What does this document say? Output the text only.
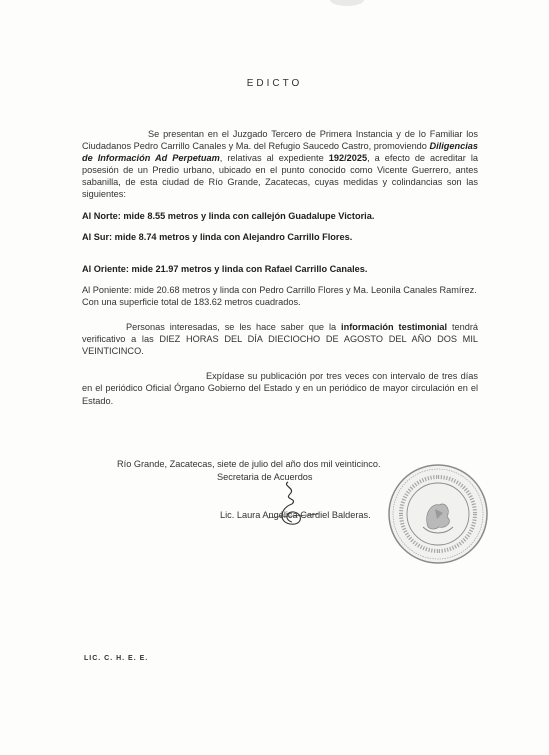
EDICTO

Se presentan en el Juzgado Tercero de Primera Instancia y de lo Familiar los Ciudadanos Pedro Carrillo Canales y Ma. del Refugio Saucedo Castro, promoviendo Diligencias de Información Ad Perpetuam, relativas al expediente 192/2025, a efecto de acreditar la posesión de un Predio urbano, ubicado en el punto conocido como Vicente Guerrero, antes sabanilla, de esta ciudad de Río Grande, Zacatecas, cuyas medidas y colindancias son las siguientes:

Al Norte: mide 8.55 metros y linda con callejón Guadalupe Victoria.

Al Sur: mide 8.74 metros y linda con Alejandro Carrillo Flores.

Al Oriente: mide 21.97 metros y linda con Rafael Carrillo Canales.

Al Poniente: mide 20.68 metros y linda con Pedro Carrillo Flores y Ma. Leonila Canales Ramírez.

Con una superficie total de 183.62 metros cuadrados.

Personas interesadas, se les hace saber que la información testimonial tendrá verificativo a las DIEZ HORAS DEL DÍA DIECIOCHO DE AGOSTO DEL AÑO DOS MIL VEINTICINCO.

Expídase su publicación por tres veces con intervalo de tres días en el periódico Oficial Órgano Gobierno del Estado y en un periódico de mayor circulación en el Estado.

Río Grande, Zacatecas, siete de julio del año dos mil veinticinco.
Secretaria de Acuerdos
Lic. Laura Angélica Cardiel Balderas.
LIC. C. H. E. E.
